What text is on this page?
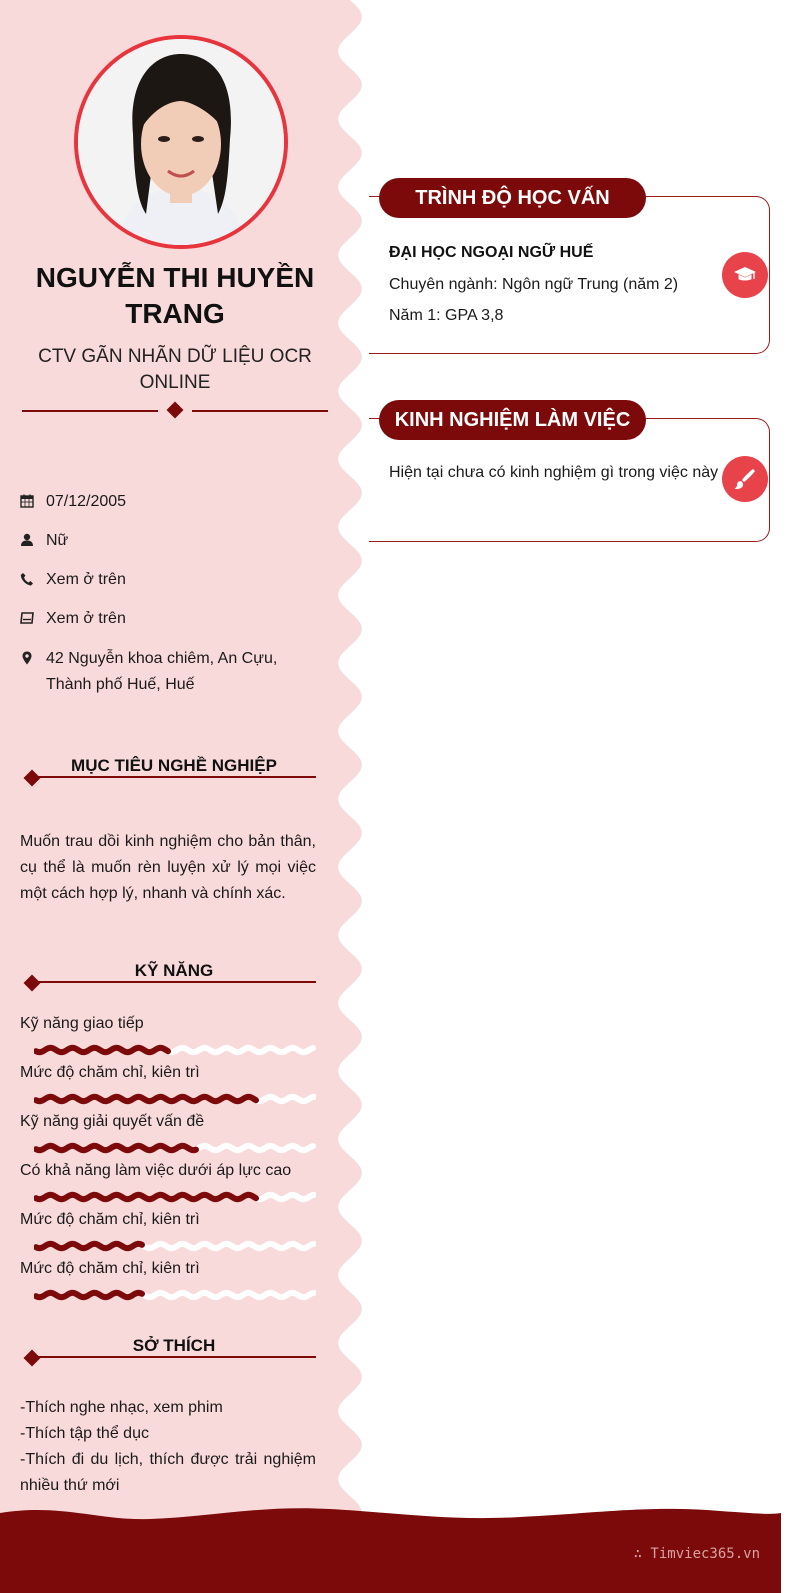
NGUYỄN THI HUYỀN TRANG
CTV GÃN NHÃN DỮ LIỆU OCR ONLINE
07/12/2005
Nữ
Xem ở trên
Xem ở trên
42 Nguyễn khoa chiêm, An Cựu,
Thành phố Huế, Huế
MỤC TIÊU NGHỀ NGHIỆP
Muốn trau dồi kinh nghiệm cho bản thân, cụ thể là muốn rèn luyện xử lý mọi việc một cách hợp lý, nhanh và chính xác.
KỸ NĂNG
Kỹ năng giao tiếp
Mức độ chăm chỉ, kiên trì
Kỹ năng giải quyết vấn đề
Có khả năng làm việc dưới áp lực cao
Mức độ chăm chỉ, kiên trì
Mức độ chăm chỉ, kiên trì
SỞ THÍCH
-Thích nghe nhạc, xem phim
-Thích tập thể dục
-Thích đi du lịch, thích được trải nghiệm nhiều thứ mới
TRÌNH ĐỘ HỌC VẤN
ĐẠI HỌC NGOẠI NGỮ HUẾ
Chuyên ngành: Ngôn ngữ Trung (năm 2)
Năm 1: GPA 3,8
KINH NGHIỆM LÀM VIỆC
Hiện tại chưa có kinh nghiệm gì trong việc này
∴ Timviec365.vn
